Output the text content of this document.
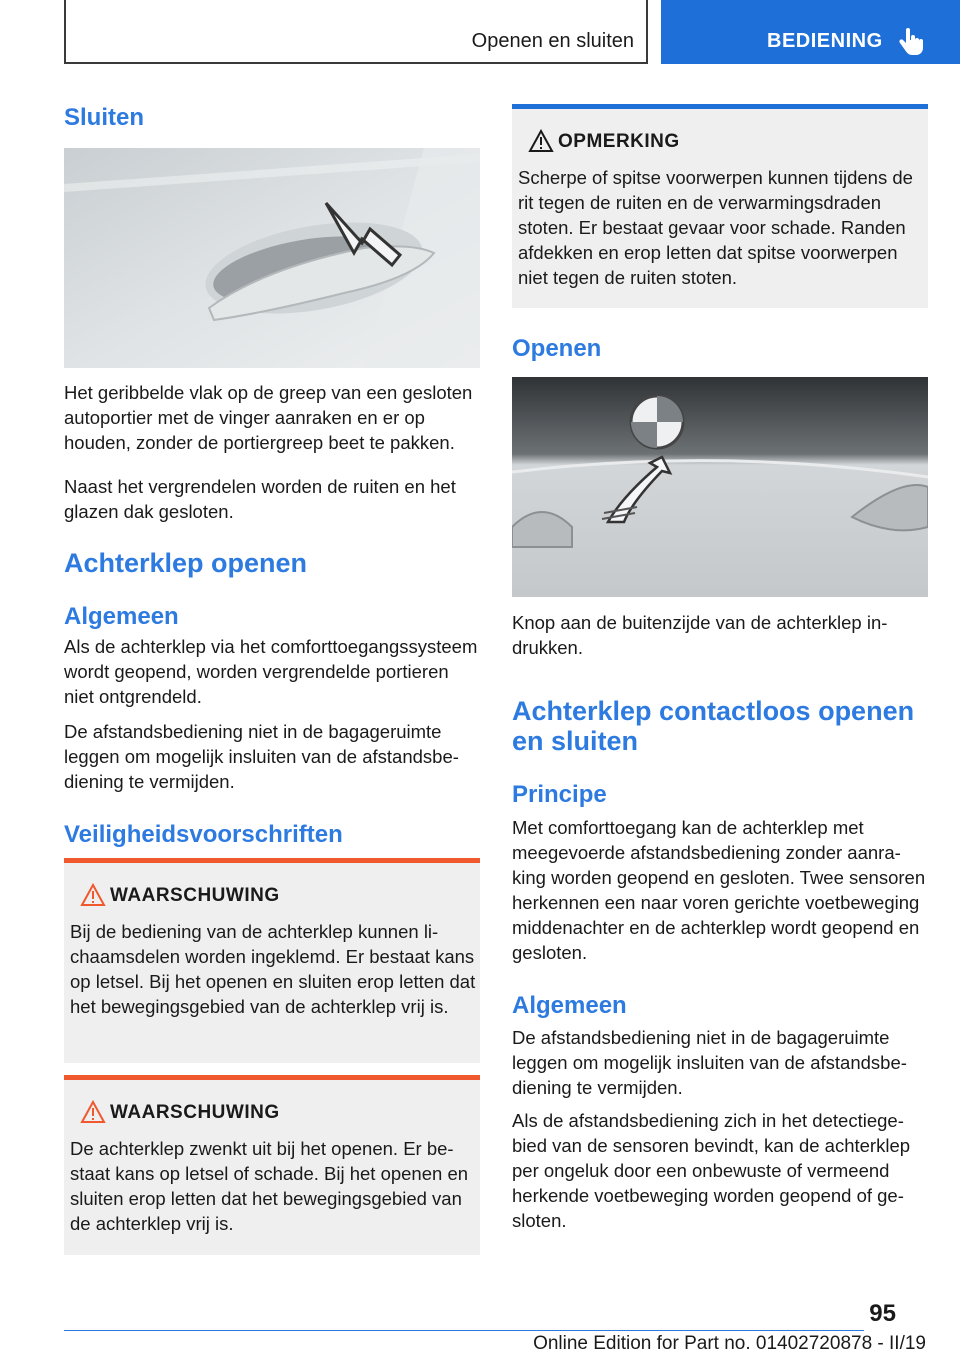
Openen en sluiten	BEDIENING
Sluiten

Het geribbelde vlak op de greep van een gesloten autoportier met de vinger aanraken en er op houden, zonder de portiergreep beet te pakken.

Naast het vergrendelen worden de ruiten en het glazen dak gesloten.

Achterklep openen
Algemeen

Als de achterklep via het comforttoegangssysteem wordt geopend, worden vergrendelde portieren niet ontgrendeld.

De afstandsbediening niet in de bagageruimte leggen om mogelijk insluiten van de afstandsbediening te vermijden.

Veiligheidsvoorschriften
WAARSCHUWING

Bij de bediening van de achterklep kunnen lichaamsdelen worden ingeklemd. Er bestaat kans op letsel. Bij het openen en sluiten erop letten dat het bewegingsgebied van de achterklep vrij is.

WAARSCHUWING

De achterklep zwenkt uit bij het openen. Er bestaat kans op letsel of schade. Bij het openen en sluiten erop letten dat het bewegingsgebied van de achterklep vrij is.

OPMERKING

Scherpe of spitse voorwerpen kunnen tijdens de rit tegen de ruiten en de verwarmingsdraden stoten. Er bestaat gevaar voor schade. Randen afdekken en erop letten dat spitse voorwerpen niet tegen de ruiten stoten.

Openen

Knop aan de buitenzijde van de achterklep indrukken.

Achterklep contactloos openen
en sluiten
Principe

Met comforttoegang kan de achterklep met meegevoerde afstandsbediening zonder aanraking worden geopend en gesloten. Twee sensoren herkennen een naar voren gerichte voetbeweging middenachter en de achterklep wordt geopend en gesloten.

Algemeen

De afstandsbediening niet in de bagageruimte leggen om mogelijk insluiten van de afstandsbediening te vermijden.

Als de afstandsbediening zich in het detectiegebied van de sensoren bevindt, kan de achterklep per ongeluk door een onbewuste of vermeend herkende voetbeweging worden geopend of gesloten.

95
Online Edition for Part no. 01402720878 - II/19
